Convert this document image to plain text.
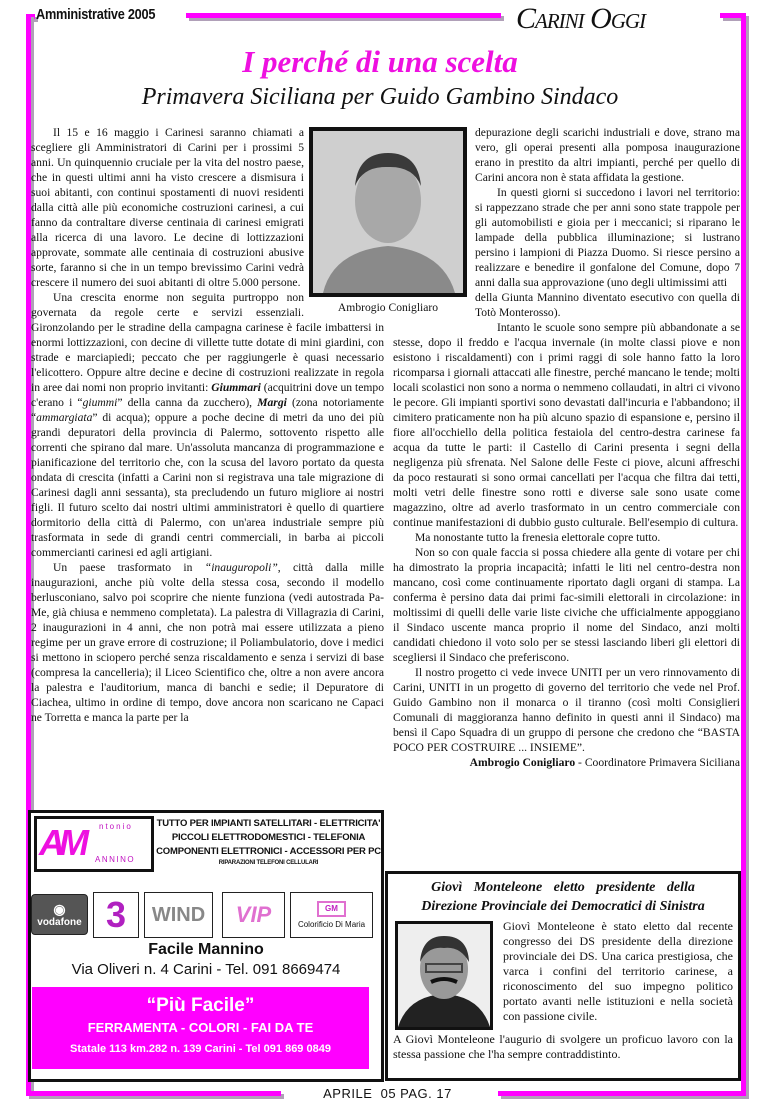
Amministrative 2005	Carini Oggi
I perché di una scelta
Primavera Siciliana per Guido Gambino Sindaco

Il 15 e 16 maggio i Carinesi saranno chiamati a scegliere gli Amministratori di Carini per i prossimi 5 anni. Un quinquennio cruciale per la vita del nostro paese, che in questi ultimi anni ha visto crescere a dismisura i suoi abitanti, con continui spostamenti di nuovi residenti dalla città alle più economiche costruzioni carinesi, a cui fanno da contraltare diverse centinaia di carinesi emigrati alla ricerca di una lavoro. Le decine di lottizzazioni approvate, sommate alle centinaia di costruzioni abusive sorte, faranno si che in un tempo brevissimo Carini vedrà crescere il numero dei suoi abitanti di oltre 5.000 persone.

Una crescita enorme non seguita purtroppo non governata da regole certe e servizi essenziali. Gironzolando per le stradine della campagna carinese è facile imbattersi in enormi lottizzazioni, con decine di villette tutte dotate di mini giardini, con strade e marciapiedi; peccato che per raggiungerle è quasi necessario l'elicottero. Oppure altre decine e decine di costruzioni realizzate in regola in aree dai nomi non proprio invitanti: Giummari (acquitrini dove un tempo c'erano i “giummi” della canna da zucchero), Margi (zona notoriamente “ammargiata” di acqua); oppure a poche decine di metri da uno dei più grandi depuratori della provincia di Palermo, sottovento rispetto alle correnti che spirano dal mare. Un'assoluta mancanza di programmazione e pianificazione del territorio che, con la scusa del lavoro portato da questa ondata di crescita (infatti a Carini non si registrava una tale migrazione di Carinesi dagli anni sessanta), sta precludendo un futuro migliore ai nostri figli. Il futuro scelto dai nostri ultimi amministratori è quello di quartiere dormitorio della città di Palermo, con un'area industriale sempre più trasformata in sede di grandi centri commerciali, in barba ai piccoli commercianti carinesi ed agli artigiani.

Un paese trasformato in “inauguropoli”, città dalla mille inaugurazioni, anche più volte della stessa cosa, secondo il modello berlusconiano, salvo poi scoprire che niente funziona (vedi autostrada Pa-Me, già chiusa e nemmeno completata). La palestra di Villagrazia di Carini, 2 inaugurazioni in 4 anni, che non potrà mai essere utilizzata a pieno regime per un grave errore di costruzione; il Poliambulatorio, dove i medici si mettono in sciopero perché senza riscaldamento e senza i servizi di base (compresa la cancelleria); il Liceo Scientifico che, oltre a non avere ancora la palestra e l'auditorium, manca di banchi e sedie; il Depuratore di Ciachea, ultimo in ordine di tempo, dove ancora non scaricano ne Capaci ne Torretta e manca la parte per la

depurazione degli scarichi industriali e dove, strano ma vero, gli operai presenti alla pomposa inaugurazione erano in prestito da altri impianti, perché per quello di Carini ancora non è stata affidata la gestione.

In questi giorni si succedono i lavori nel territorio: si rappezzano strade che per anni sono state trappole per gli automobilisti e gioia per i meccanici; si riparano le lampade della pubblica illuminazione; si lustrano persino i lampioni di Piazza Duomo. Si riesce persino a realizzare e benedire il gonfalone del Comune, dopo 7 anni dalla sua approvazione (uno degli ultimissimi atti

della Giunta Mannino diventato esecutivo con quella di Totò Monterosso).

Intanto le scuole sono sempre più abbandonate a se stesse, dopo il freddo e l'acqua invernale (in molte classi piove e non esistono i riscaldamenti) con i primi raggi di sole hanno fatto la loro ricomparsa i giornali attaccati alle finestre, perché mancano le tende; molti locali scolastici non sono a norma o nemmeno collaudati, in altri ci vivono le pecore. Gli impianti sportivi sono devastati dall'incuria e l'abbandono; il cimitero praticamente non ha più alcuno spazio di espansione e, persino il fiore all'occhiello della politica festaiola del centro-destra carinese fa acqua da tutte le parti: il Castello di Carini presenta i segni della negligenza più sfrenata. Nel Salone delle Feste ci piove, alcuni affreschi da poco restaurati si sono ormai cancellati per l'acqua che filtra dai tetti, molti vetri delle finestre sono rotti e diverse sale sono usate come magazzino, oltre ad averlo trasformato in un centro commerciale con continue manifestazioni di dubbio gusto culturale. Bell'esempio di cultura.

Ma nonostante tutto la frenesia elettorale copre tutto.

Non so con quale faccia si possa chiedere alla gente di votare per chi ha dimostrato la propria incapacità; infatti le liti nel centro-destra non mancano, così come continuamente riportato dagli organi di stampa. La conferma è persino data dai primi fac-simili elettorali in circolazione: in moltissimi di quelli delle varie liste civiche che ufficialmente appoggiano il Sindaco uscente manca proprio il nome del Sindaco, anzi molti candidati chiedono il voto solo per se stessi lasciando liberi gli elettori di scegliersi il Sindaco che preferiscono.

Il nostro progetto ci vede invece UNITI per un vero rinnovamento di Carini, UNITI in un progetto di governo del territorio che vede nel Prof. Guido Gambino non il monarca o il tiranno (così molti Consiglieri Comunali di maggioranza hanno definito in questi anni il Sindaco) ma bensì il Capo Squadra di un gruppo di persone che credono che “BASTA POCO PER COSTRUIRE ... INSIEME”.

Ambrogio Conigliaro - Coordinatore Primavera Siciliana

Ambrogio Conigliaro
AM ntonio
ANNINO
TUTTO PER IMPIANTI SATELLITARI - ELETTRICITA'
PICCOLI ELETTRODOMESTICI - TELEFONIA
COMPONENTI ELETTRONICI - ACCESSORI PER PC
RIPARAZIONI TELEFONI CELLULARI
◉
vodafone 3 WIND VIP	GM
Colorificio Di Maria
Facile Mannino
Via Oliveri n. 4 Carini - Tel. 091 8669474
“Più Facile”
FERRAMENTA - COLORI - FAI DA TE
Statale 113 km.282 n. 139 Carini - Tel 091 869 0849
Giovì Monteleone eletto presidente della
Direzione Provinciale dei Democratici di Sinistra
Giovì Monteleone è stato eletto dal recente congresso dei DS presidente della direzione provinciale dei DS. Una carica prestigiosa, che varca i confini del territorio carinese, a riconoscimento del suo impegno politico portato avanti nelle istituzioni e nella società con passione civile.
A Giovì Monteleone l'augurio di svolgere un proficuo lavoro con la stessa passione che l'ha sempre contraddistinto.
APRILE  05 PAG. 17
